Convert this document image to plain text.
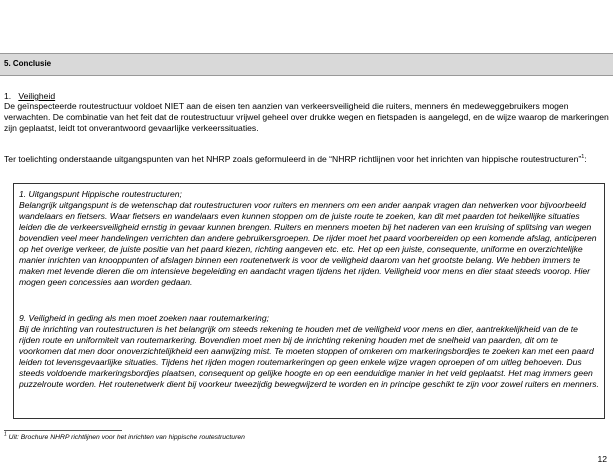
5. Conclusie
1. Veiligheid
De geïnspecteerde routestructuur voldoet NIET aan de eisen ten aanzien van verkeersveiligheid die ruiters, menners én medeweggebruikers mogen verwachten. De combinatie van het feit dat de routestructuur vrijwel geheel over drukke wegen en fietspaden is aangelegd, en de wijze waarop de markeringen zijn geplaatst, leidt tot onverantwoord gevaarlijke verkeerssituaties.
Ter toelichting onderstaande uitgangspunten van het NHRP zoals geformuleerd in de “NHRP richtlijnen voor het inrichten van hippische routestructuren”$^1$:
1. Uitgangspunt Hippische routestructuren;
Belangrijk uitgangspunt is de wetenschap dat routestructuren voor ruiters en menners om een ander aanpak vragen dan netwerken voor bijvoorbeeld wandelaars en fietsers. Waar fietsers en wandelaars even kunnen stoppen om de juiste route te zoeken, kan dit met paarden tot heikellijke situaties leiden die de verkeersveiligheid ernstig in gevaar kunnen brengen. Ruiters en menners moeten bij het naderen van een kruising of splitsing van wegen bovendien veel meer handelingen verrichten dan andere gebruikersgroepen. De rijder moet het paard voorbereiden op een komende afslag, anticiperen op het overige verkeer, de juiste positie van het paard kiezen, richting aangeven etc. etc. Het op een juiste, consequente, uniforme en overzichtelijke manier inrichten van knooppunten of afslagen binnen een routenetwerk is voor de veiligheid daarom van het grootste belang. We hebben immers te maken met levende dieren die om intensieve begeleiding en aandacht vragen tijdens het rijden. Veiligheid voor mens en dier staat steeds voorop. Hier mogen geen concessies aan worden gedaan.
9. Veiligheid in geding als men moet zoeken naar routemarkering;
Bij de inrichting van routestructuren is het belangrijk om steeds rekening te houden met de veiligheid voor mens en dier, aantrekkelijkheid van de te rijden route en uniformiteit van routemarkering. Bovendien moet men bij de inrichting rekening houden met de snelheid van paarden, dit om te voorkomen dat men door onoverzichtelijkheid een aanwijzing mist. Te moeten stoppen of omkeren om markeringsbordjes te zoeken kan met een paard leiden tot levensgevaarlijke situaties. Tijdens het rijden mogen routemarkeringen op geen enkele wijze vragen oproepen of om uitleg behoeven. Dus steeds voldoende markeringsbordjes plaatsen, consequent op gelijke hoogte en op een eenduidige manier in het veld geplaatst. Het mag immers geen puzzelroute worden. Het routenetwerk dient bij voorkeur tweezijdig bewegwijzerd te worden en in principe geschikt te zijn voor zowel ruiters en menners.
$^1$ Uit: Brochure NHRP richtlijnen voor het inrichten van hippische routestructuren
12
